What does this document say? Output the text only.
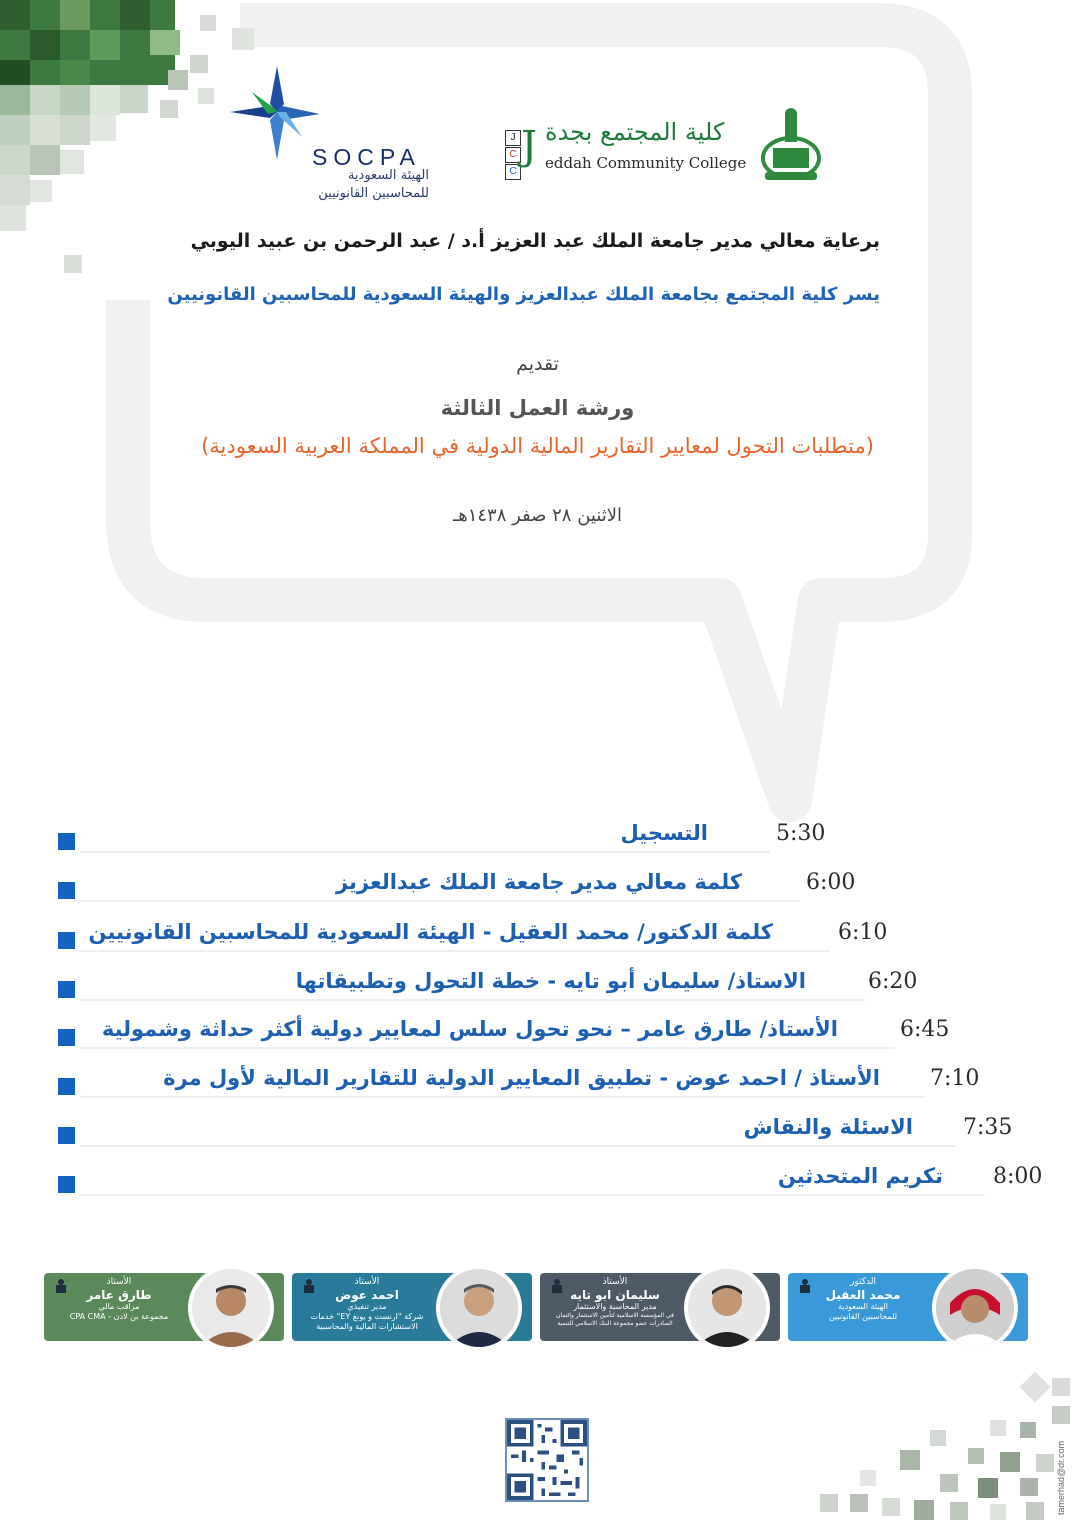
SOCPA
الهيئة السعودية
للمحاسبين القانونيين
J
C
C
J كلية المجتمع بجدة
eddah Community College
برعاية معالي مدير جامعة الملك عبد العزيز أ.د / عبد الرحمن بن عبيد اليوبي
يسر كلية المجتمع بجامعة الملك عبدالعزيز والهيئة السعودية للمحاسبين القانونيين
تقديم
ورشة العمل الثالثة
(متطلبات التحول لمعايير التقارير المالية الدولية في المملكة العربية السعودية)
الاثنين ٢٨ صفر ١٤٣٨هـ
5:30
التسجيل
6:00
كلمة معالي مدير جامعة الملك عبدالعزيز
6:10
كلمة الدكتور/ محمد العقيل - الهيئة السعودية للمحاسبين القانونيين
6:20
الاستاذ/ سليمان أبو تايه - خطة التحول وتطبيقاتها
6:45
الأستاذ/ طارق عامر – نحو تحول سلس لمعايير دولية أكثر حداثة وشمولية
7:10
الأستاذ / احمد عوض - تطبيق المعايير الدولية للتقارير المالية لأول مرة
7:35
الاسئلة والنقاش
8:00
تكريم المتحدثين
الدكتور
محمد العقيل
الهيئة السعودية
للمحاسبين القانونيين
الأستاذ
سليمان ابو تايه
مدير المحاسبة والاستثمار
في المؤسسة الاسلامية لتأمين الاستثمار وائتمان الصادرات عضو مجموعة البنك الاسلامي للتنمية
الأستاذ
احمد عوض
مدير تنفيذي
شركة "ارنست و يونغ EY" خدمات الاستشارات المالية والمحاسبية
الأستاذ
طارق عامر
مراقب مالي
مجموعة بن لادن - CPA CMA
tamerhad@dr.com
